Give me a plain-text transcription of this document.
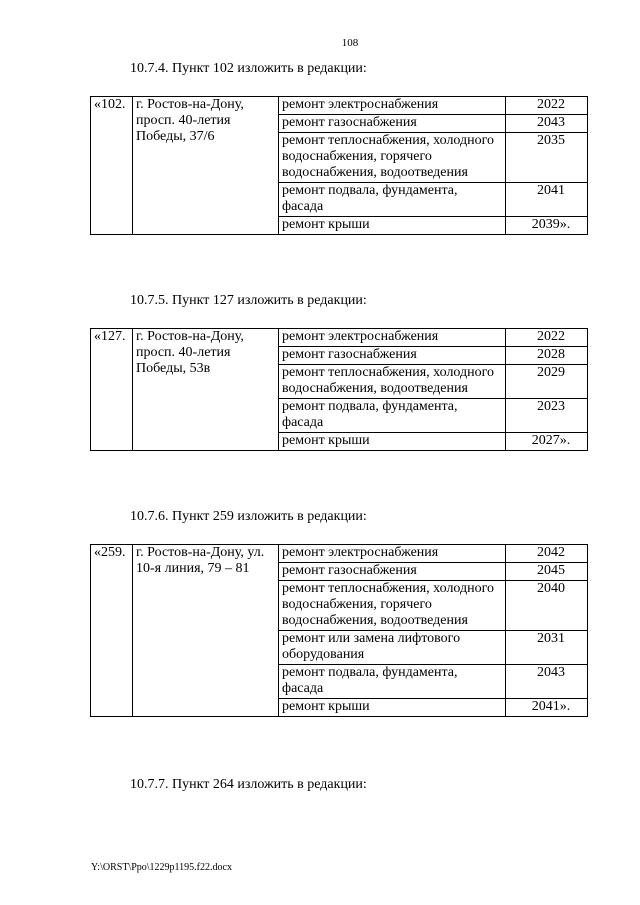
108
10.7.4. Пункт 102 изложить в редакции:
«102.	г. Ростов-на-Дону, просп. 40-летия Победы, 37/6	ремонт электроснабжения	2022
		ремонт газоснабжения	2043
		ремонт теплоснабжения, холодного водоснабжения, горячего водоснабжения, водоотведения	2035
		ремонт подвала, фундамента, фасада	2041
		ремонт крыши	2039».
10.7.5. Пункт 127 изложить в редакции:
«127.	г. Ростов-на-Дону, просп. 40-летия Победы, 53в	ремонт электроснабжения	2022
		ремонт газоснабжения	2028
		ремонт теплоснабжения, холодного водоснабжения, водоотведения	2029
		ремонт подвала, фундамента, фасада	2023
		ремонт крыши	2027».
10.7.6. Пункт 259 изложить в редакции:
«259.	г. Ростов-на-Дону, ул. 10-я линия, 79 – 81	ремонт электроснабжения	2042
		ремонт газоснабжения	2045
		ремонт теплоснабжения, холодного водоснабжения, горячего водоснабжения, водоотведения	2040
		ремонт или замена лифтового оборудования	2031
		ремонт подвала, фундамента, фасада	2043
		ремонт крыши	2041».
10.7.7. Пункт 264 изложить в редакции:
Y:\ORST\Ppo\1229p1195.f22.docx
